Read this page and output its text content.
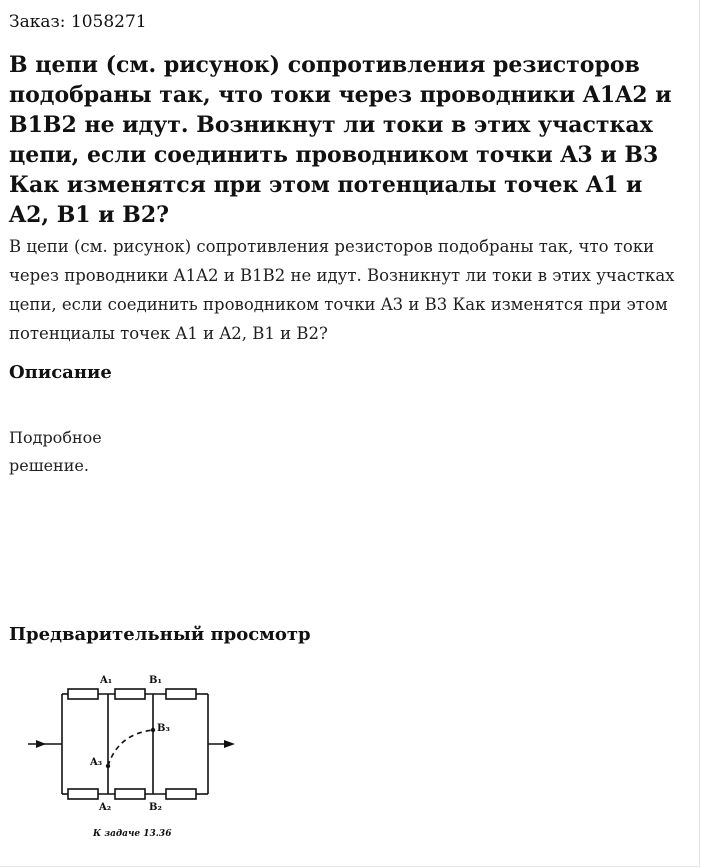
Заказ: 1058271

В цепи (см. рисунок) сопротивления резисторов подобраны так, что токи через проводники A1A2 и B1B2 не идут. Возникнут ли токи в этих участках цепи, если соединить проводником точки A3 и B3 Как изменятся при этом потенциалы точек A1 и A2, B1 и B2?

В цепи (см. рисунок) сопротивления резисторов подобраны так, что токи через проводники A1A2 и B1B2 не идут. Возникнут ли токи в этих участках цепи, если соединить проводником точки A3 и B3 Как изменятся при этом потенциалы точек A1 и A2, B1 и B2?

Описание

Подробное решение.

Предварительный просмотр
A₁	B₁
B₃
A₃
A₂	B₂
К задаче 13.36
